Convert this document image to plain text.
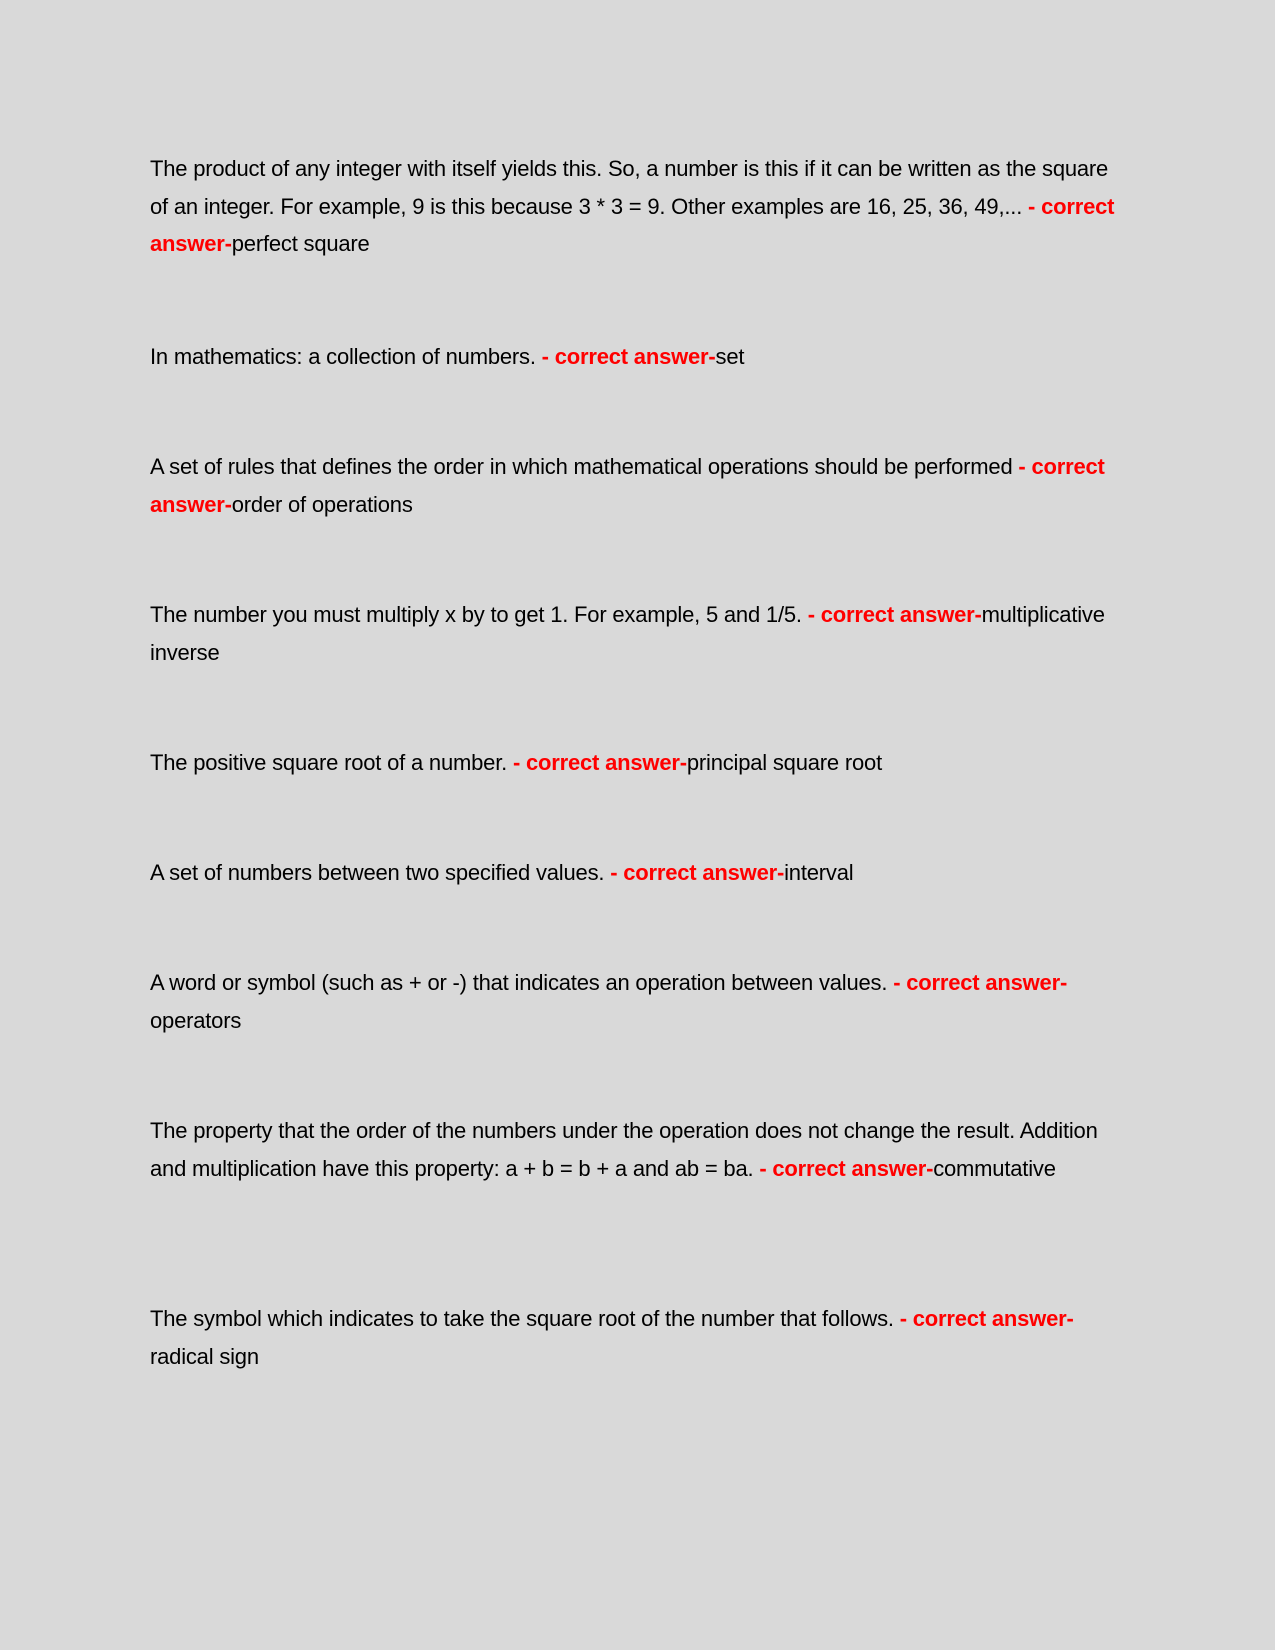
The product of any integer with itself yields this. So, a number is this if it can be written as the square of an integer. For example, 9 is this because 3 * 3 = 9. Other examples are 16, 25, 36, 49,... - correct answer-perfect square

In mathematics: a collection of numbers. - correct answer-set

A set of rules that defines the order in which mathematical operations should be performed - correct answer-order of operations

The number you must multiply x by to get 1. For example, 5 and 1/5. - correct answer-multiplicative inverse

The positive square root of a number. - correct answer-principal square root

A set of numbers between two specified values. - correct answer-interval

A word or symbol (such as + or -) that indicates an operation between values. - correct answer-operators

The property that the order of the numbers under the operation does not change the result. Addition and multiplication have this property: a + b = b + a and ab = ba. - correct answer-commutative

The symbol which indicates to take the square root of the number that follows. - correct answer-radical sign
